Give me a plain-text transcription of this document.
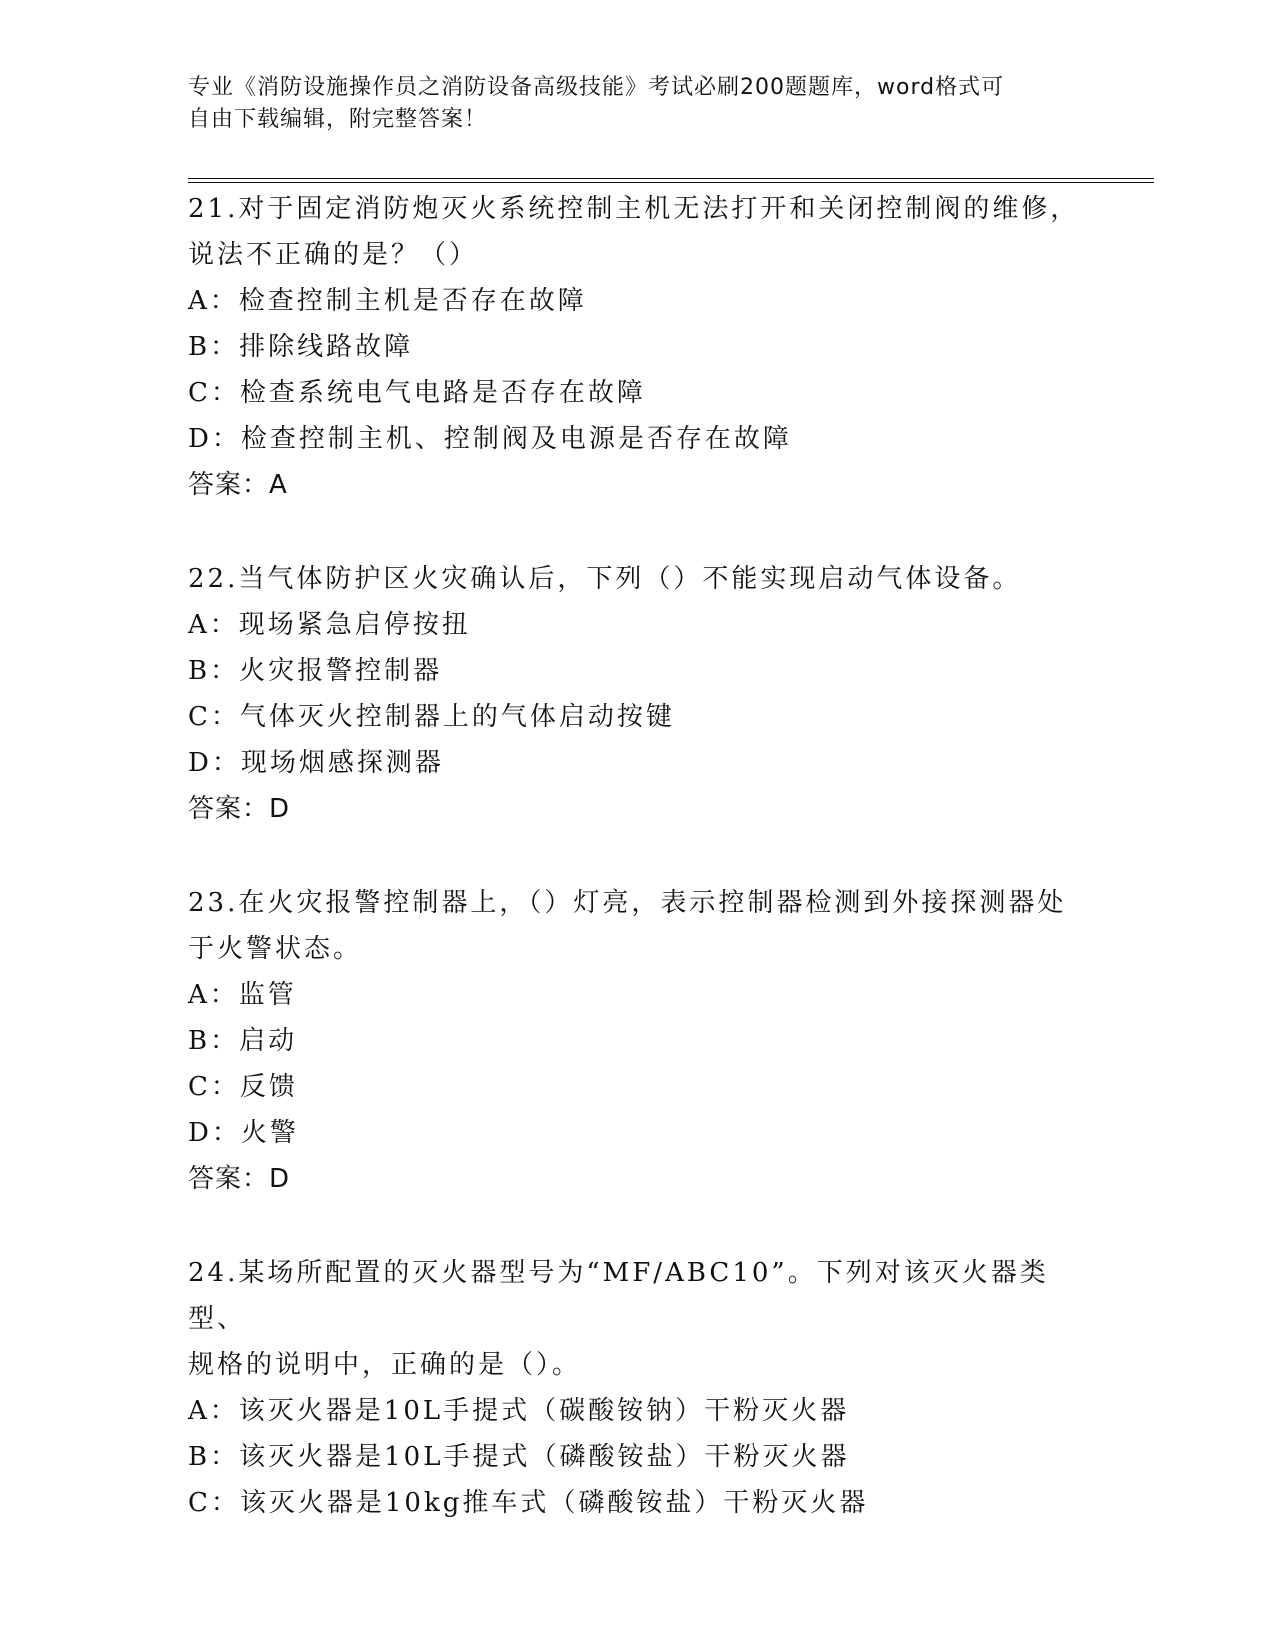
专业《消防设施操作员之消防设备高级技能》考试必刷200题题库，word格式可
自由下载编辑，附完整答案！
21.对于固定消防炮灭火系统控制主机无法打开和关闭控制阀的维修，
说法不正确的是？（）
A：检查控制主机是否存在故障
B：排除线路故障
C：检查系统电气电路是否存在故障
D：检查控制主机、控制阀及电源是否存在故障
答案：A
22.当气体防护区火灾确认后，下列（）不能实现启动气体设备。
A：现场紧急启停按扭
B：火灾报警控制器
C：气体灭火控制器上的气体启动按键
D：现场烟感探测器
答案：D
23.在火灾报警控制器上，（）灯亮，表示控制器检测到外接探测器处
于火警状态。
A：监管
B：启动
C：反馈
D：火警
答案：D
24.某场所配置的灭火器型号为“MF/ABC10”。下列对该灭火器类型、
规格的说明中，正确的是（）。
A：该灭火器是10L手提式（碳酸铵钠）干粉灭火器
B：该灭火器是10L手提式（磷酸铵盐）干粉灭火器
C：该灭火器是10kg推车式（磷酸铵盐）干粉灭火器
